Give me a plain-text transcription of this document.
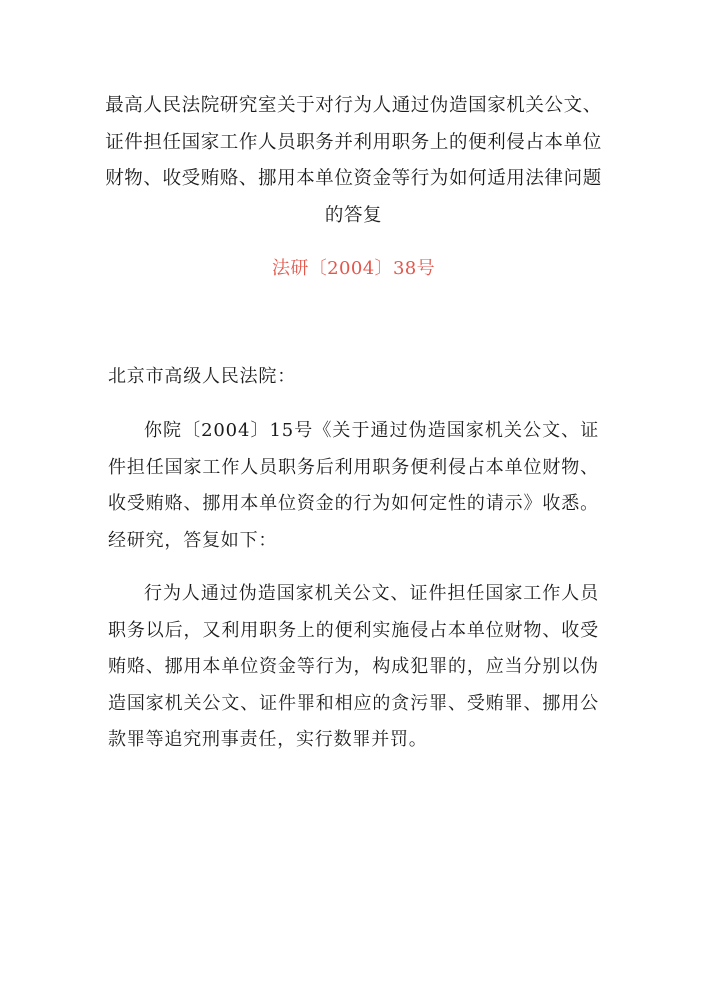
最高人民法院研究室关于对行为人通过伪造国家机关公文、证件担任国家工作人员职务并利用职务上的便利侵占本单位财物、收受贿赂、挪用本单位资金等行为如何适用法律问题的答复
法研〔2004〕38号
北京市高级人民法院：

你院〔2004〕15号《关于通过伪造国家机关公文、证件担任国家工作人员职务后利用职务便利侵占本单位财物、收受贿赂、挪用本单位资金的行为如何定性的请示》收悉。经研究，答复如下：

行为人通过伪造国家机关公文、证件担任国家工作人员职务以后，又利用职务上的便利实施侵占本单位财物、收受贿赂、挪用本单位资金等行为，构成犯罪的，应当分别以伪造国家机关公文、证件罪和相应的贪污罪、受贿罪、挪用公款罪等追究刑事责任，实行数罪并罚。
